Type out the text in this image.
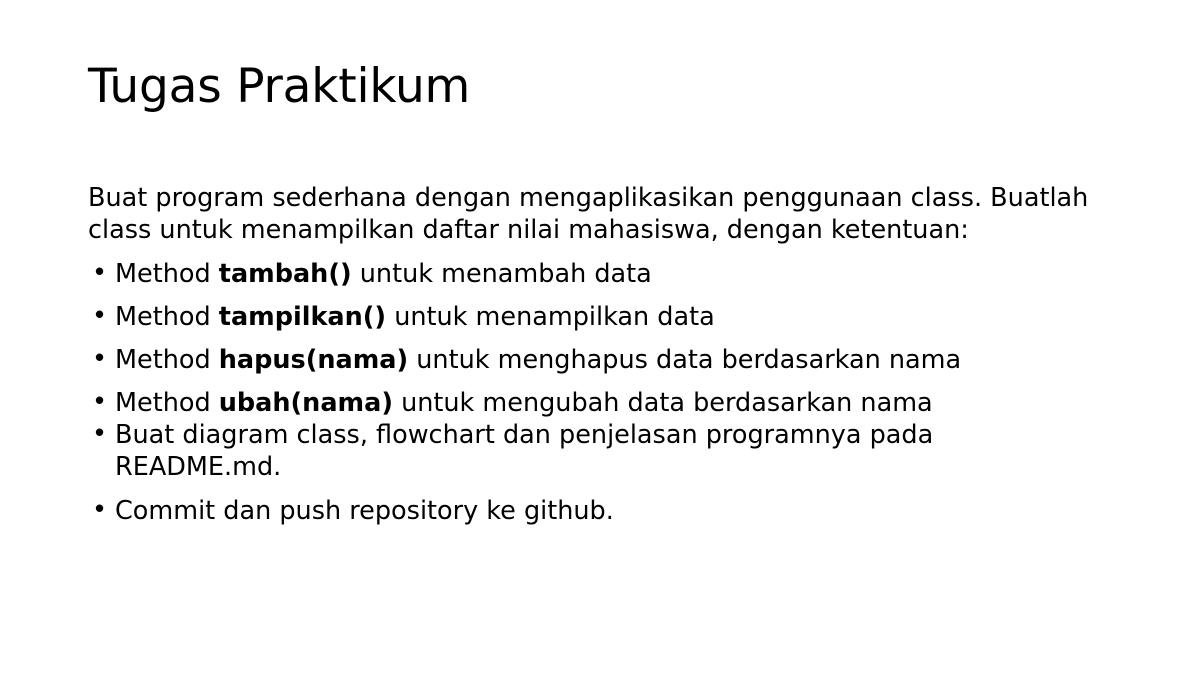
Tugas Praktikum

Buat program sederhana dengan mengaplikasikan penggunaan class. Buatlah class untuk menampilkan daftar nilai mahasiswa, dengan ketentuan:

• Method tambah() untuk menambah data
• Method tampilkan() untuk menampilkan data
• Method hapus(nama) untuk menghapus data berdasarkan nama
• Method ubah(nama) untuk mengubah data berdasarkan nama
• Buat diagram class, flowchart dan penjelasan programnya pada
README.md.
• Commit dan push repository ke github.
